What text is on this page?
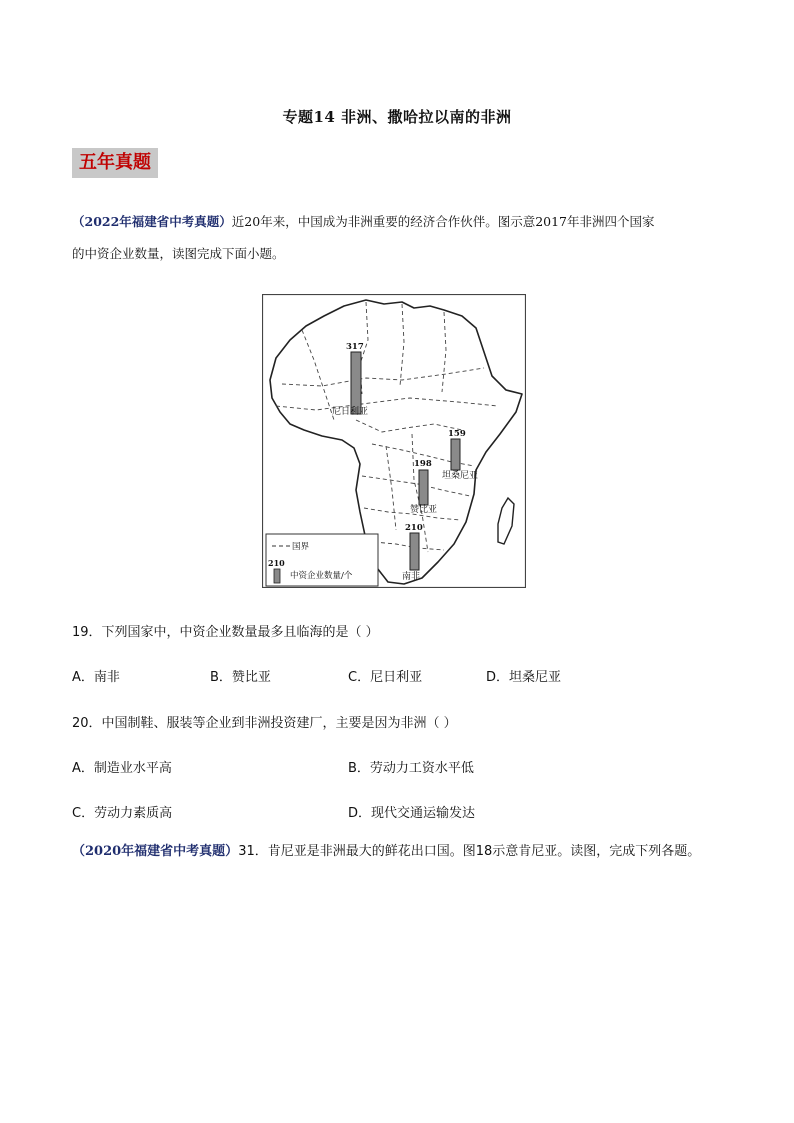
专题14 非洲、撒哈拉以南的非洲
五年真题
（2022年福建省中考真题）近20年来，中国成为非洲重要的经济合作伙伴。图示意2017年非洲四个国家
的中资企业数量，读图完成下面小题。
317
尼日利亚
159
坦桑尼亚
198
赞比亚
210
南非
国界
210
中资企业数量/个
19．下列国家中，中资企业数量最多且临海的是（ ）
A．南非	B．赞比亚	C．尼日利亚	D．坦桑尼亚
20．中国制鞋、服装等企业到非洲投资建厂，主要是因为非洲（ ）
A．制造业水平高	B．劳动力工资水平低
C．劳动力素质高	D．现代交通运输发达
（2020年福建省中考真题）31．肯尼亚是非洲最大的鲜花出口国。图18示意肯尼亚。读图，完成下列各题。
